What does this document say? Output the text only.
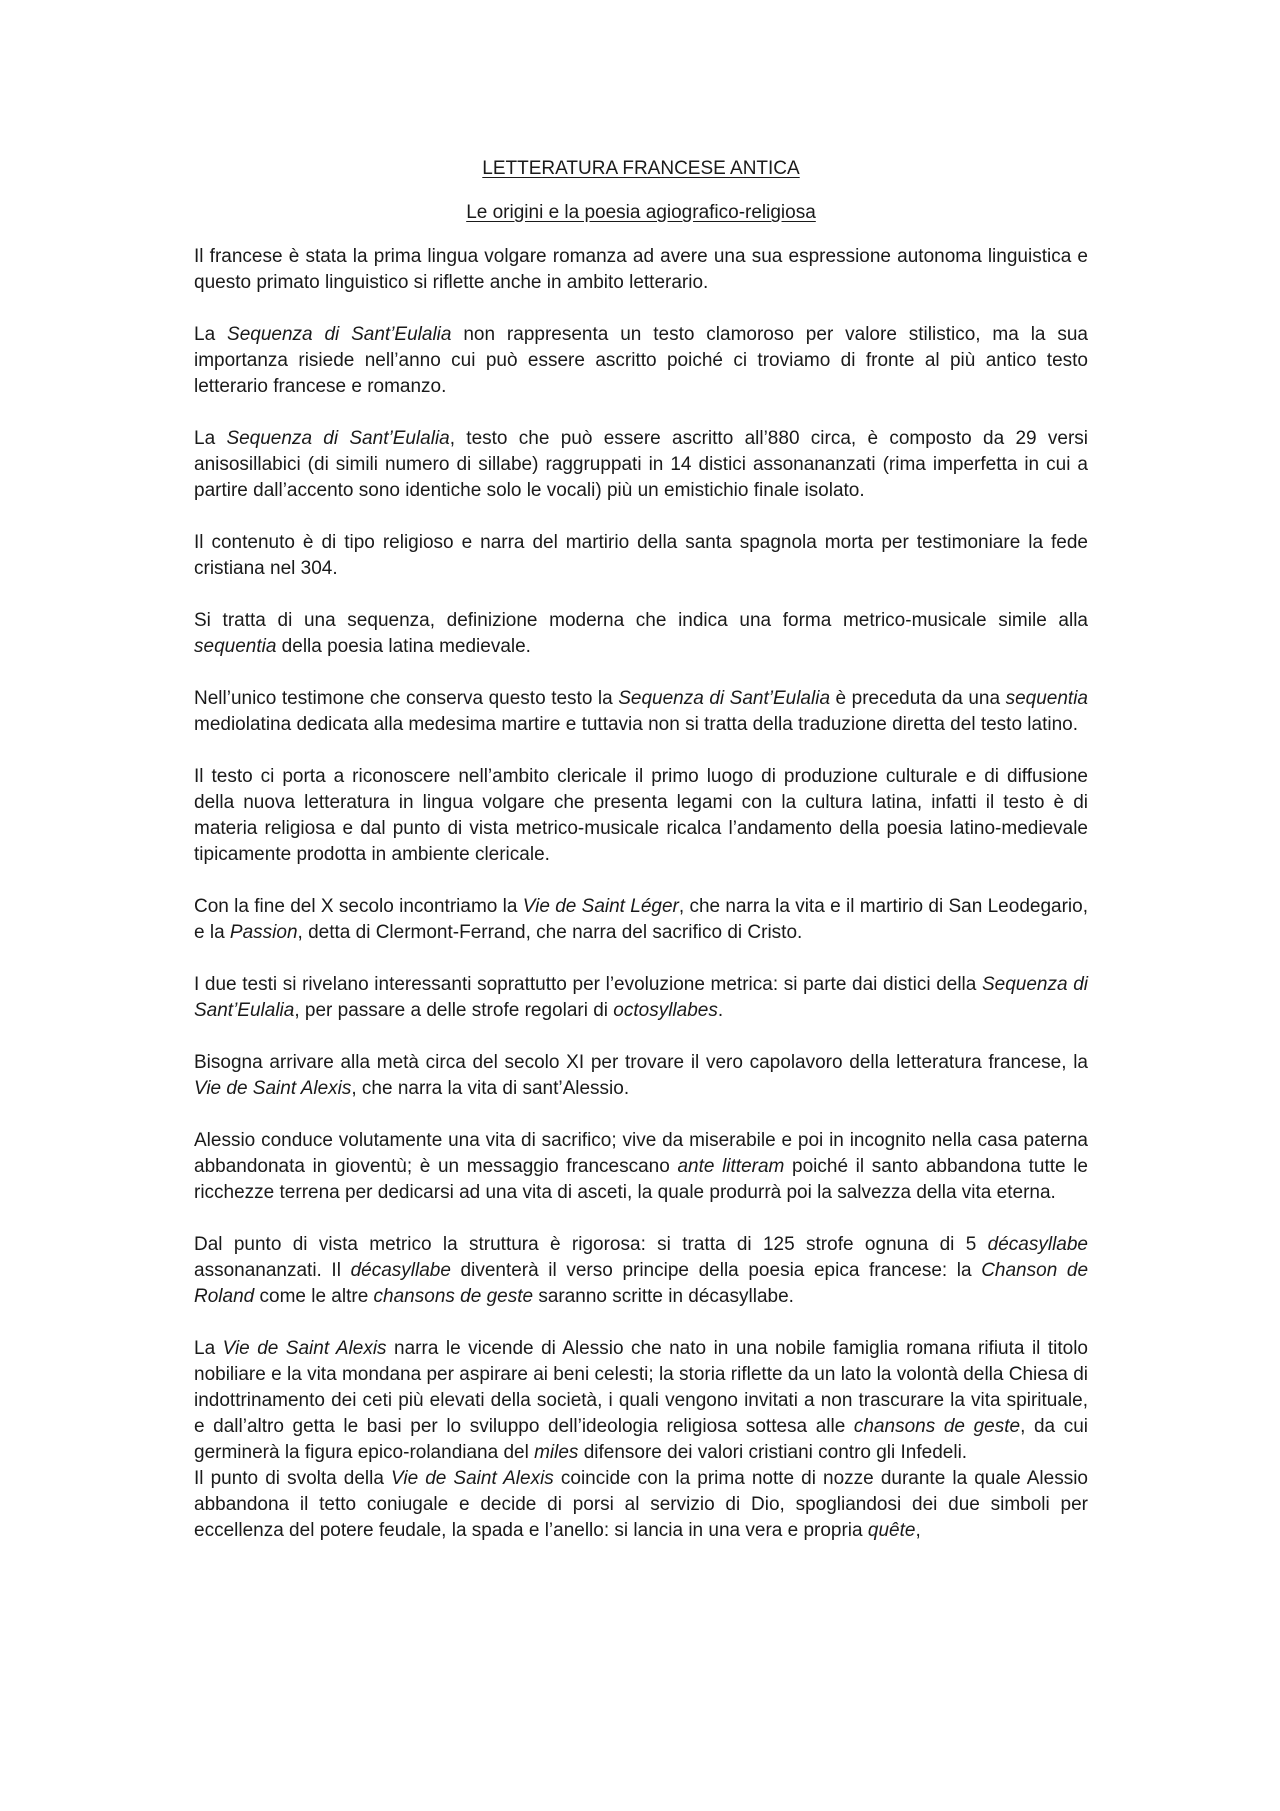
LETTERATURA FRANCESE ANTICA

Le origini e la poesia agiografico-religiosa

Il francese è stata la prima lingua volgare romanza ad avere una sua espressione autonoma linguistica e questo primato linguistico si riflette anche in ambito letterario.

La Sequenza di Sant’Eulalia non rappresenta un testo clamoroso per valore stilistico, ma la sua importanza risiede nell’anno cui può essere ascritto poiché ci troviamo di fronte al più antico testo letterario francese e romanzo.

La Sequenza di Sant’Eulalia, testo che può essere ascritto all’880 circa, è composto da 29 versi anisosillabici (di simili numero di sillabe) raggruppati in 14 distici assonananzati (rima imperfetta in cui a partire dall’accento sono identiche solo le vocali) più un emistichio finale isolato.

Il contenuto è di tipo religioso e narra del martirio della santa spagnola morta per testimoniare la fede cristiana nel 304.

Si tratta di una sequenza, definizione moderna che indica una forma metrico-musicale simile alla sequentia della poesia latina medievale.

Nell’unico testimone che conserva questo testo la Sequenza di Sant’Eulalia è preceduta da una sequentia mediolatina dedicata alla medesima martire e tuttavia non si tratta della traduzione diretta del testo latino.

Il testo ci porta a riconoscere nell’ambito clericale il primo luogo di produzione culturale e di diffusione della nuova letteratura in lingua volgare che presenta legami con la cultura latina, infatti il testo è di materia religiosa e dal punto di vista metrico-musicale ricalca l’andamento della poesia latino-medievale tipicamente prodotta in ambiente clericale.

Con la fine del X secolo incontriamo la Vie de Saint Léger, che narra la vita e il martirio di San Leodegario, e la Passion, detta di Clermont-Ferrand, che narra del sacrifico di Cristo.

I due testi si rivelano interessanti soprattutto per l’evoluzione metrica: si parte dai distici della Sequenza di Sant’Eulalia, per passare a delle strofe regolari di octosyllabes.

Bisogna arrivare alla metà circa del secolo XI per trovare il vero capolavoro della letteratura francese, la Vie de Saint Alexis, che narra la vita di sant’Alessio.

Alessio conduce volutamente una vita di sacrifico; vive da miserabile e poi in incognito nella casa paterna abbandonata in gioventù; è un messaggio francescano ante litteram poiché il santo abbandona tutte le ricchezze terrena per dedicarsi ad una vita di asceti, la quale produrrà poi la salvezza della vita eterna.

Dal punto di vista metrico la struttura è rigorosa: si tratta di 125 strofe ognuna di 5 décasyllabe assonananzati. Il décasyllabe diventerà il verso principe della poesia epica francese: la Chanson de Roland come le altre chansons de geste saranno scritte in décasyllabe.

La Vie de Saint Alexis narra le vicende di Alessio che nato in una nobile famiglia romana rifiuta il titolo nobiliare e la vita mondana per aspirare ai beni celesti; la storia riflette da un lato la volontà della Chiesa di indottrinamento dei ceti più elevati della società, i quali vengono invitati a non trascurare la vita spirituale, e dall’altro getta le basi per lo sviluppo dell’ideologia religiosa sottesa alle chansons de geste, da cui germinerà la figura epico-rolandiana del miles difensore dei valori cristiani contro gli Infedeli.

Il punto di svolta della Vie de Saint Alexis coincide con la prima notte di nozze durante la quale Alessio abbandona il tetto coniugale e decide di porsi al servizio di Dio, spogliandosi dei due simboli per eccellenza del potere feudale, la spada e l’anello: si lancia in una vera e propria quête,
